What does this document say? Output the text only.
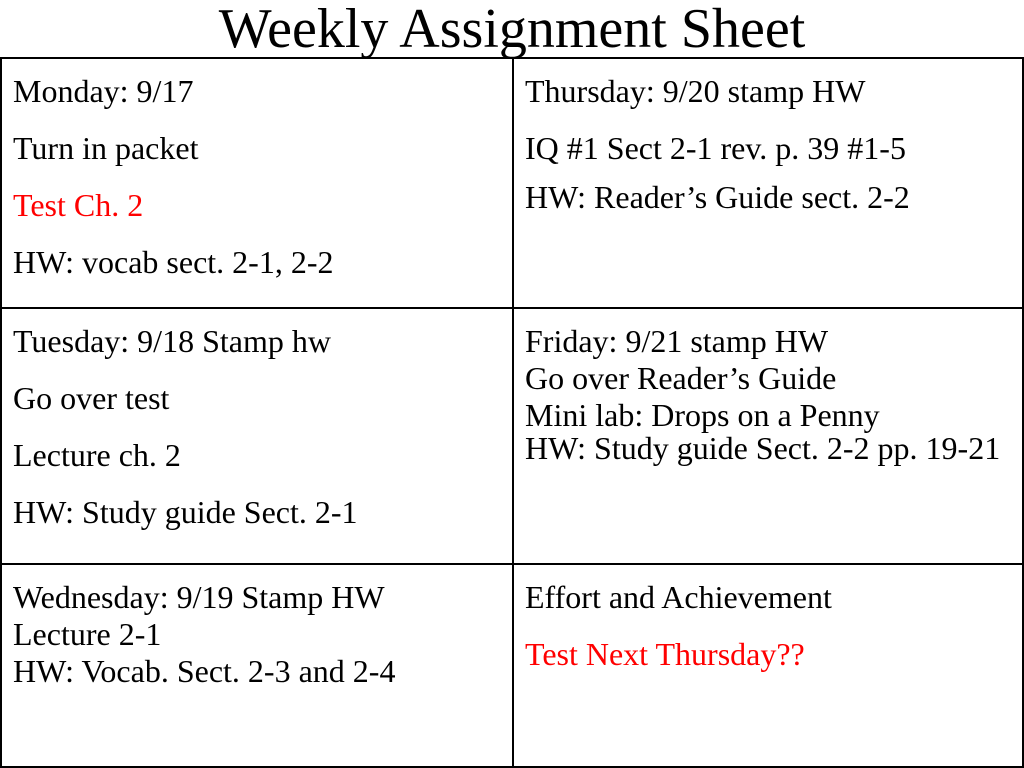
Weekly Assignment Sheet
Monday: 9/17
Turn in packet
Test Ch. 2
HW: vocab sect. 2-1, 2-2
Thursday: 9/20 stamp HW
IQ #1 Sect 2-1 rev. p. 39 #1-5
HW: Reader’s Guide sect. 2-2
Tuesday: 9/18 Stamp hw
Go over test
Lecture ch. 2
HW: Study guide Sect. 2-1
Friday: 9/21 stamp HW
Go over Reader’s Guide
Mini lab: Drops on a Penny
HW: Study guide Sect. 2-2 pp. 19-21
Wednesday: 9/19 Stamp HW
Lecture 2-1
HW: Vocab. Sect. 2-3 and 2-4
Effort and Achievement
Test Next Thursday??
